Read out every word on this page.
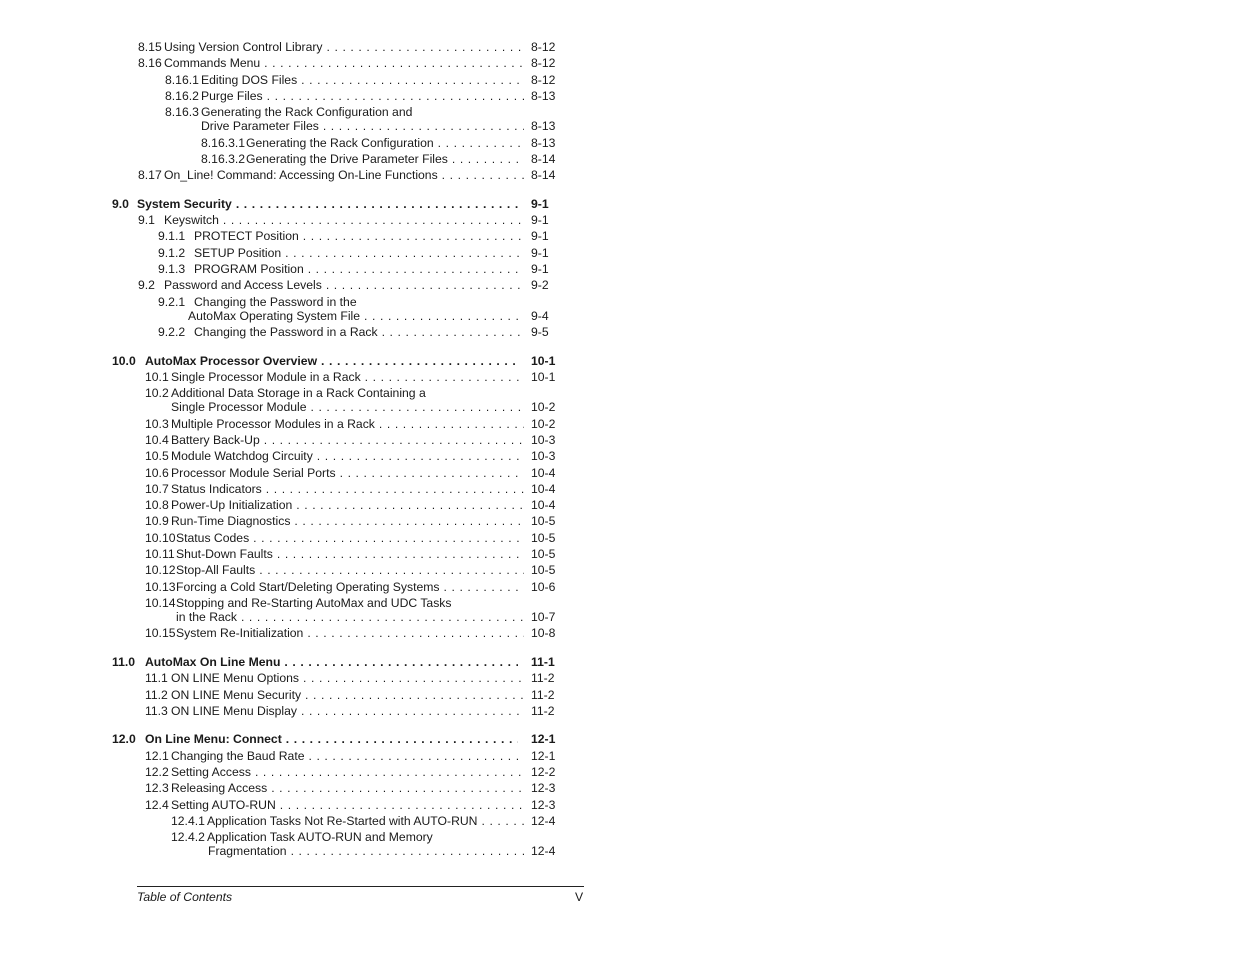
8.15 Using Version Control Library . . .	8-12
8.16 Commands Menu . . .	8-12
8.16.1 Editing DOS Files . . .	8-12
8.16.2 Purge Files . . .	8-13
8.16.3 Generating the Rack Configuration and
Drive Parameter Files . . .	8-13
8.16.3.1Generating the Rack Configuration . . .	8-13
8.16.3.2Generating the Drive Parameter Files . . .	8-14
8.17 On_Line! Command: Accessing On-Line Functions . . .	8-14
9.0 System Security . . .	9-1
9.1 Keyswitch . . .	9-1
9.1.1 PROTECT Position . . .	9-1
9.1.2 SETUP Position . . .	9-1
9.1.3 PROGRAM Position . . .	9-1
9.2 Password and Access Levels . . .	9-2
9.2.1 Changing the Password in the
AutoMax Operating System File . . .	9-4
9.2.2 Changing the Password in a Rack . . .	9-5
10.0 AutoMax Processor Overview . . .	10-1
10.1 Single Processor Module in a Rack . . .	10-1
10.2 Additional Data Storage in a Rack Containing a
Single Processor Module . . .	10-2
10.3 Multiple Processor Modules in a Rack . . .	10-2
10.4 Battery Back-Up . . .	10-3
10.5 Module Watchdog Circuity . . .	10-3
10.6 Processor Module Serial Ports . . .	10-4
10.7 Status Indicators . . .	10-4
10.8 Power-Up Initialization . . .	10-4
10.9 Run-Time Diagnostics . . .	10-5
10.10Status Codes . . .	10-5
10.11Shut-Down Faults . . .	10-5
10.12Stop-All Faults . . .	10-5
10.13Forcing a Cold Start/Deleting Operating Systems . . .	10-6
10.14Stopping and Re-Starting AutoMax and UDC Tasks
in the Rack . . .	10-7
10.15System Re-Initialization . . .	10-8
11.0 AutoMax On Line Menu . . .	11-1
11.1 ON LINE Menu Options . . .	11-2
11.2 ON LINE Menu Security . . .	11-2
11.3 ON LINE Menu Display . . .	11-2
12.0 On Line Menu: Connect . . .	12-1
12.1 Changing the Baud Rate . . .	12-1
12.2 Setting Access . . .	12-2
12.3 Releasing Access . . .	12-3
12.4 Setting AUTO-RUN . . .	12-3
12.4.1 Application Tasks Not Re-Started with AUTO-RUN . . .	12-4
12.4.2 Application Task AUTO-RUN and Memory
Fragmentation . . .	12-4
Table of Contents	V
